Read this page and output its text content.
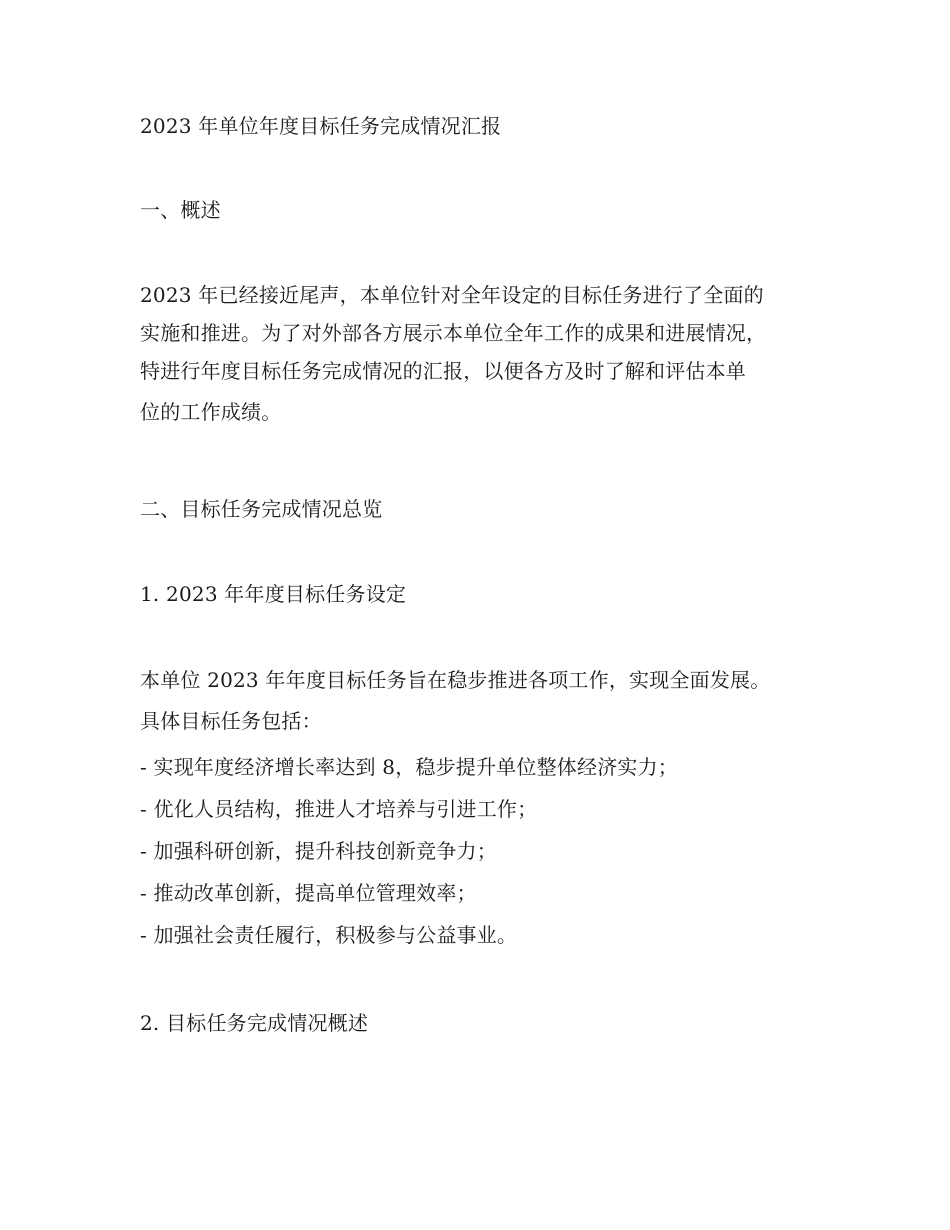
2023 年单位年度目标任务完成情况汇报
一、概述
2023 年已经接近尾声，本单位针对全年设定的目标任务进行了全面的
实施和推进。为了对外部各方展示本单位全年工作的成果和进展情况，
特进行年度目标任务完成情况的汇报，以便各方及时了解和评估本单
位的工作成绩。
二、目标任务完成情况总览
1. 2023 年年度目标任务设定
本单位 2023 年年度目标任务旨在稳步推进各项工作，实现全面发展。
具体目标任务包括：
- 实现年度经济增长率达到 8，稳步提升单位整体经济实力；
- 优化人员结构，推进人才培养与引进工作；
- 加强科研创新，提升科技创新竞争力；
- 推动改革创新，提高单位管理效率；
- 加强社会责任履行，积极参与公益事业。
2. 目标任务完成情况概述
